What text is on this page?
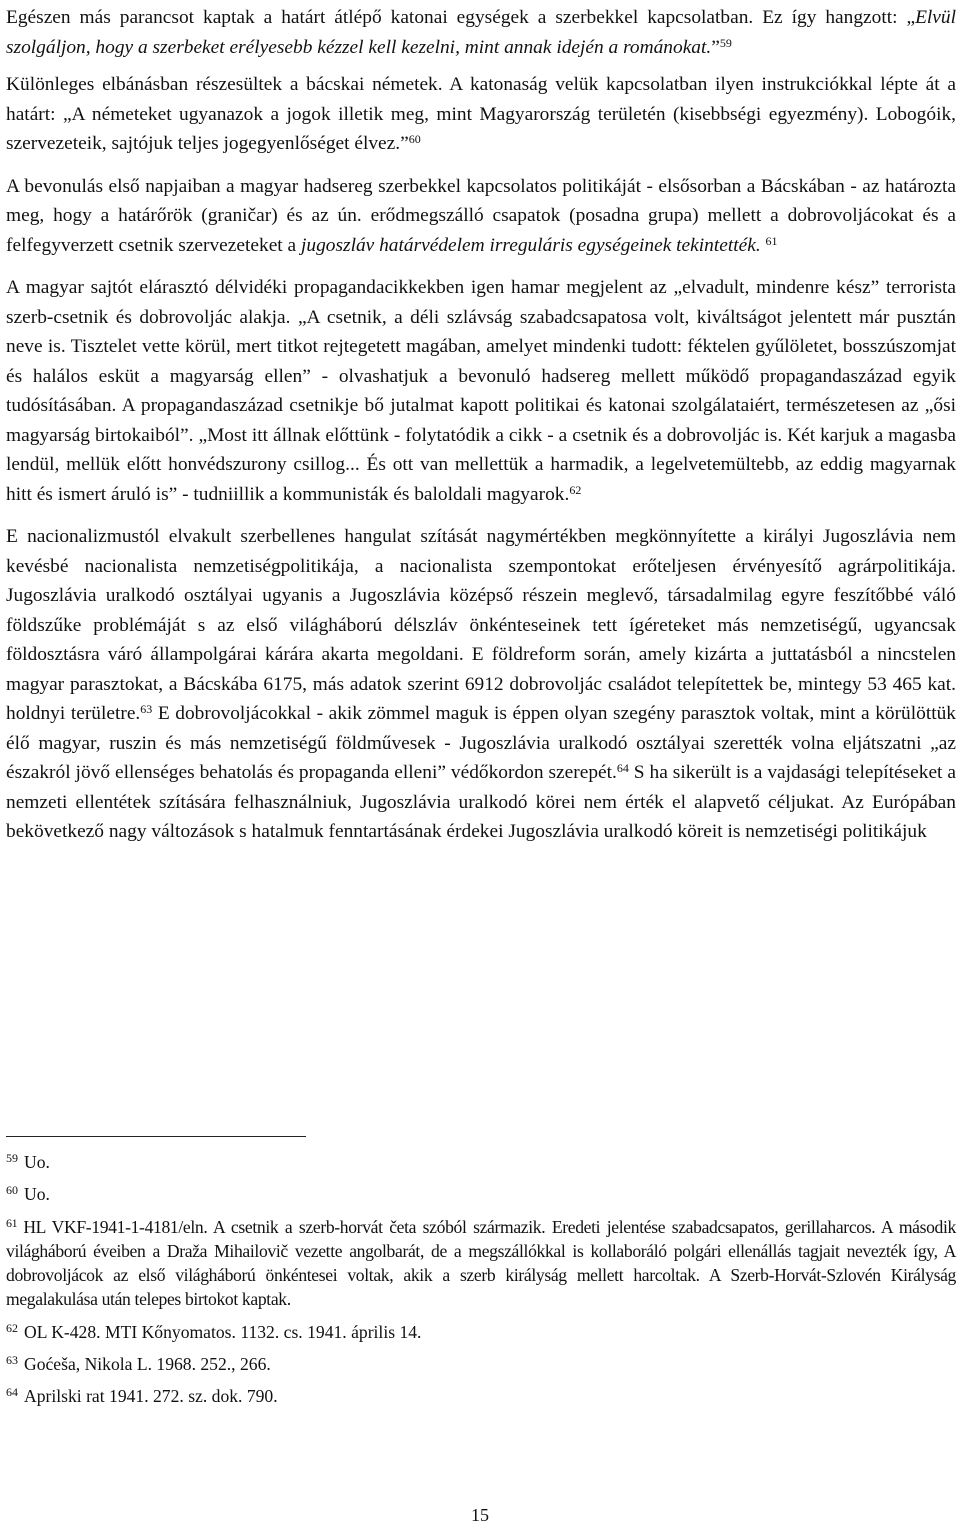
Egészen más parancsot kaptak a határt átlépő katonai egységek a szerbekkel kapcsolatban. Ez így hangzott: „Elvül szolgáljon, hogy a szerbeket erélyesebb kézzel kell kezelni, mint annak idején a románokat.”$^{59}$

Különleges elbánásban részesültek a bácskai németek. A katonaság velük kapcsolatban ilyen instrukciókkal lépte át a határt: „A németeket ugyanazok a jogok illetik meg, mint Magyarország területén (kisebbségi egyezmény). Lobogóik, szervezeteik, sajtójuk teljes jogegyenlőséget élvez.”$^{60}$

A bevonulás első napjaiban a magyar hadsereg szerbekkel kapcsolatos politikáját - elsősorban a Bácskában - az határozta meg, hogy a határőrök (graničar) és az ún. erődmegszálló csapatok (posadna grupa) mellett a dobrovoljácokat és a felfegyverzett csetnik szervezeteket a jugoszláv határvédelem irreguláris egységeinek tekintették. $^{61}$

A magyar sajtót elárasztó délvidéki propagandacikkekben igen hamar megjelent az „elvadult, mindenre kész” terrorista szerb-csetnik és dobrovoljác alakja. „A csetnik, a déli szlávság szabadcsapatosa volt, kiváltságot jelentett már pusztán neve is. Tisztelet vette körül, mert titkot rejtegetett magában, amelyet mindenki tudott: féktelen gyűlöletet, bosszúszomjat és halálos esküt a magyarság ellen” - olvashatjuk a bevonuló hadsereg mellett működő propagandaszázad egyik tudósításában. A propagandaszázad csetnikje bő jutalmat kapott politikai és katonai szolgálataiért, természetesen az „ősi magyarság birtokaiból”. „Most itt állnak előttünk - folytatódik a cikk - a csetnik és a dobrovoljác is. Két karjuk a magasba lendül, mellük előtt honvédszurony csillog... És ott van mellettük a harmadik, a legelvetemültebb, az eddig magyarnak hitt és ismert áruló is” - tudniillik a kommunisták és baloldali magyarok.$^{62}$

E nacionalizmustól elvakult szerbellenes hangulat szítását nagymértékben megkönnyítette a királyi Jugoszlávia nem kevésbé nacionalista nemzetiségpolitikája, a nacionalista szempontokat erőteljesen érvényesítő agrárpolitikája. Jugoszlávia uralkodó osztályai ugyanis a Jugoszlávia középső részein meglevő, társadalmilag egyre feszítőbbé váló földszűke problémáját s az első világháború délszláv önkénteseinek tett ígéreteket más nemzetiségű, ugyancsak földosztásra váró állampolgárai kárára akarta megoldani. E földreform során, amely kizárta a juttatásból a nincstelen magyar parasztokat, a Bácskába 6175, más adatok szerint 6912 dobrovoljác családot telepítettek be, mintegy 53 465 kat. holdnyi területre.$^{63}$ E dobrovoljácokkal - akik zömmel maguk is éppen olyan szegény parasztok voltak, mint a körülöttük élő magyar, ruszin és más nemzetiségű földművesek - Jugoszlávia uralkodó osztályai szerették volna eljátszatni „az északról jövő ellenséges behatolás és propaganda elleni” védőkordon szerepét.$^{64}$ S ha sikerült is a vajdasági telepítéseket a nemzeti ellentétek szítására felhasználniuk, Jugoszlávia uralkodó körei nem érték el alapvető céljukat. Az Európában bekövetkező nagy változások s hatalmuk fenntartásának érdekei Jugoszlávia uralkodó köreit is nemzetiségi politikájuk

$^{59}$ Uo.

$^{60}$ Uo.

$^{61}$ HL VKF-1941-1-4181/eln. A csetnik a szerb-horvát četa szóból származik. Eredeti jelentése szabadcsapatos, gerillaharcos. A második világháború éveiben a Draža Mihailovič vezette angolbarát, de a megszállókkal is kollaboráló polgári ellenállás tagjait nevezték így, A dobrovoljácok az első világháború önkéntesei voltak, akik a szerb királyság mellett harcoltak. A Szerb-Horvát-Szlovén Királyság megalakulása után telepes birtokot kaptak.

$^{62}$ OL K-428. MTI Kőnyomatos. 1132. cs. 1941. április 14.

$^{63}$ Goćeša, Nikola L. 1968. 252., 266.

$^{64}$ Aprilski rat 1941. 272. sz. dok. 790.

15
